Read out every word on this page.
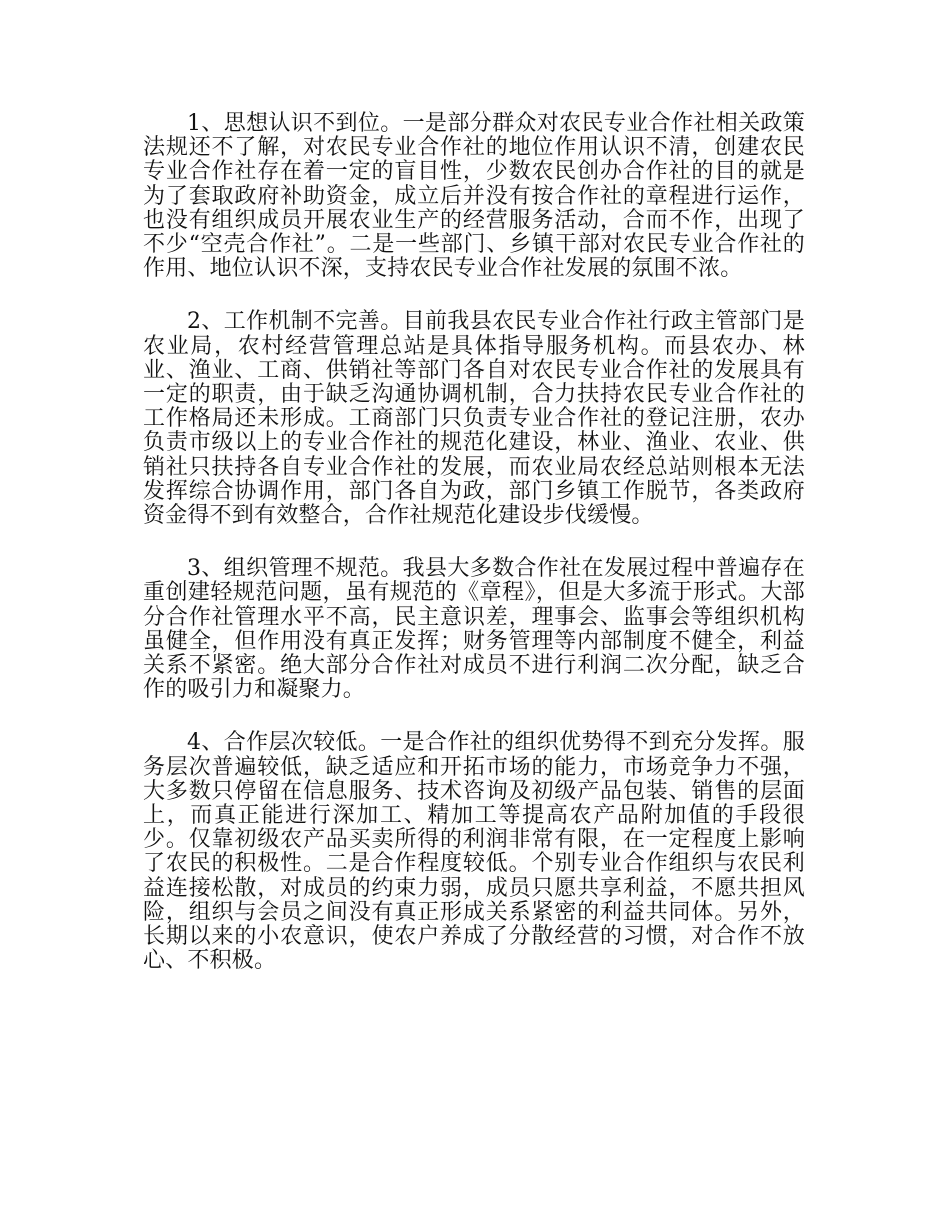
1、思想认识不到位。一是部分群众对农民专业合作社相关政策法规还不了解，对农民专业合作社的地位作用认识不清，创建农民专业合作社存在着一定的盲目性，少数农民创办合作社的目的就是为了套取政府补助资金，成立后并没有按合作社的章程进行运作，也没有组织成员开展农业生产的经营服务活动，合而不作，出现了不少“空壳合作社”。二是一些部门、乡镇干部对农民专业合作社的作用、地位认识不深，支持农民专业合作社发展的氛围不浓。

2、工作机制不完善。目前我县农民专业合作社行政主管部门是农业局，农村经营管理总站是具体指导服务机构。而县农办、林业、渔业、工商、供销社等部门各自对农民专业合作社的发展具有一定的职责，由于缺乏沟通协调机制，合力扶持农民专业合作社的工作格局还未形成。工商部门只负责专业合作社的登记注册，农办负责市级以上的专业合作社的规范化建设，林业、渔业、农业、供销社只扶持各自专业合作社的发展，而农业局农经总站则根本无法发挥综合协调作用，部门各自为政，部门乡镇工作脱节，各类政府资金得不到有效整合，合作社规范化建设步伐缓慢。

3、组织管理不规范。我县大多数合作社在发展过程中普遍存在重创建轻规范问题，虽有规范的《章程》，但是大多流于形式。大部分合作社管理水平不高，民主意识差，理事会、监事会等组织机构虽健全，但作用没有真正发挥；财务管理等内部制度不健全，利益关系不紧密。绝大部分合作社对成员不进行利润二次分配，缺乏合作的吸引力和凝聚力。

4、合作层次较低。一是合作社的组织优势得不到充分发挥。服务层次普遍较低，缺乏适应和开拓市场的能力，市场竞争力不强，大多数只停留在信息服务、技术咨询及初级产品包装、销售的层面上，而真正能进行深加工、精加工等提高农产品附加值的手段很少。仅靠初级农产品买卖所得的利润非常有限，在一定程度上影响了农民的积极性。二是合作程度较低。个别专业合作组织与农民利益连接松散，对成员的约束力弱，成员只愿共享利益，不愿共担风险，组织与会员之间没有真正形成关系紧密的利益共同体。另外，长期以来的小农意识，使农户养成了分散经营的习惯，对合作不放心、不积极。
